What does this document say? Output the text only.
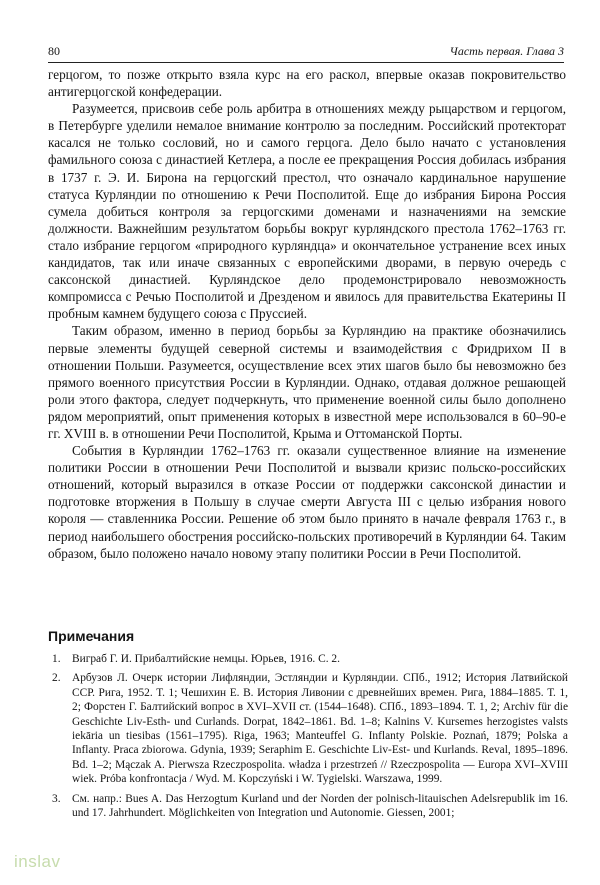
80	Часть первая. Глава 3

герцогом, то позже открыто взяла курс на его раскол, впервые оказав покровительство антигерцогской конфедерации.

Разумеется, присвоив себе роль арбитра в отношениях между рыцарством и герцогом, в Петербурге уделили немалое внимание контролю за последним. Российский протекторат касался не только сословий, но и самого герцога. Дело было начато с установления фамильного союза с династией Кетлера, а после ее прекращения Россия добилась избрания в 1737 г. Э. И. Бирона на герцогский престол, что означало кардинальное нарушение статуса Курляндии по отношению к Речи Посполитой. Еще до избрания Бирона Россия сумела добиться контроля за герцогскими доменами и назначениями на земские должности. Важнейшим результатом борьбы вокруг курляндского престола 1762–1763 гг. стало избрание герцогом «природного курляндца» и окончательное устранение всех иных кандидатов, так или иначе связанных с европейскими дворами, в первую очередь с саксонской династией. Курляндское дело продемонстрировало невозможность компромисса с Речью Посполитой и Дрезденом и явилось для правительства Екатерины II пробным камнем будущего союза с Пруссией.

Таким образом, именно в период борьбы за Курляндию на практике обозначились первые элементы будущей северной системы и взаимодействия с Фридрихом II в отношении Польши. Разумеется, осуществление всех этих шагов было бы невозможно без прямого военного присутствия России в Курляндии. Однако, отдавая должное решающей роли этого фактора, следует подчеркнуть, что применение военной силы было дополнено рядом мероприятий, опыт применения которых в известной мере использовался в 60–90-е гг. XVIII в. в отношении Речи Посполитой, Крыма и Оттоманской Порты.

События в Курляндии 1762–1763 гг. оказали существенное влияние на изменение политики России в отношении Речи Посполитой и вызвали кризис польско-российских отношений, который выразился в отказе России от поддержки саксонской династии и подготовке вторжения в Польшу в случае смерти Августа III с целью избрания нового короля — ставленника России. Решение об этом было принято в начале февраля 1763 г., в период наибольшего обострения российско-польских противоречий в Курляндии 64. Таким образом, было положено начало новому этапу политики России в Речи Посполитой.

Примечания
1. Виграб Г. И. Прибалтийские немцы. Юрьев, 1916. С. 2.
2. Арбузов Л. Очерк истории Лифляндии, Эстляндии и Курляндии. СПб., 1912; История Латвийской ССР. Рига, 1952. Т. 1; Чешихин Е. В. История Ливонии с древнейших времен. Рига, 1884–1885. Т. 1, 2; Форстен Г. Балтийский вопрос в XVI–XVII ст. (1544–1648). СПб., 1893–1894. Т. 1, 2; Archiv für die Geschichte Liv-Esth- und Curlands. Dorpat, 1842–1861. Bd. 1–8; Kalnins V. Kursemes herzogistes valsts iekāria un tiesibas (1561–1795). Riga, 1963; Manteuffel G. Inflanty Polskie. Poznań, 1879; Polska a Inflanty. Praca zbiorowa. Gdynia, 1939; Seraphim E. Geschichte Liv-Est- und Kurlands. Reval, 1895–1896. Bd. 1–2; Mączak A. Pierwsza Rzeczpospolita. władza i przestrzeń // Rzeczpospolita — Europa XVI–XVIII wiek. Próba konfrontacja / Wyd. M. Kopczyński i W. Tygielski. Warszawa, 1999.
3. См. напр.: Bues A. Das Herzogtum Kurland und der Norden der polnisch-litauischen Adelsrepublik im 16. und 17. Jahrhundert. Möglichkeiten von Integration und Autonomie. Giessen, 2001;
inslav
